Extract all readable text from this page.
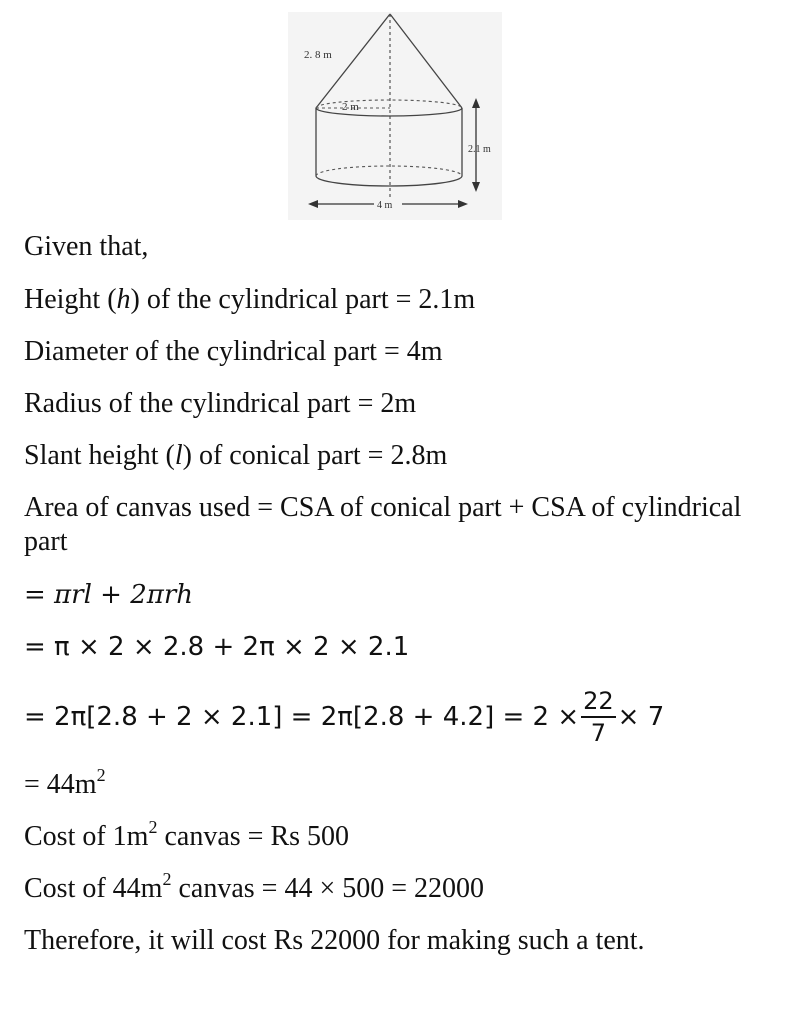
2. 8 m
2 m
2.1 m
4 m
Given that,
Height (h) of the cylindrical part = 2.1m
Diameter of the cylindrical part = 4m
Radius of the cylindrical part = 2m
Slant height (l) of conical part = 2.8m
Area of canvas used = CSA of conical part + CSA of cylindrical part
= πrl + 2πrh
= π × 2 × 2.8 + 2π × 2 × 2.1
= $2\pi[2.8 + 2 \times 2.1] = 2\pi[2.8 + 4.2] = 2 \times \frac{22}{7} \times 7$
= $44m^2$
Cost of $1m^2$ canvas = Rs 500
Cost of $44m^2$ canvas = 44 × 500 = 22000
Therefore, it will cost Rs 22000 for making such a tent.
